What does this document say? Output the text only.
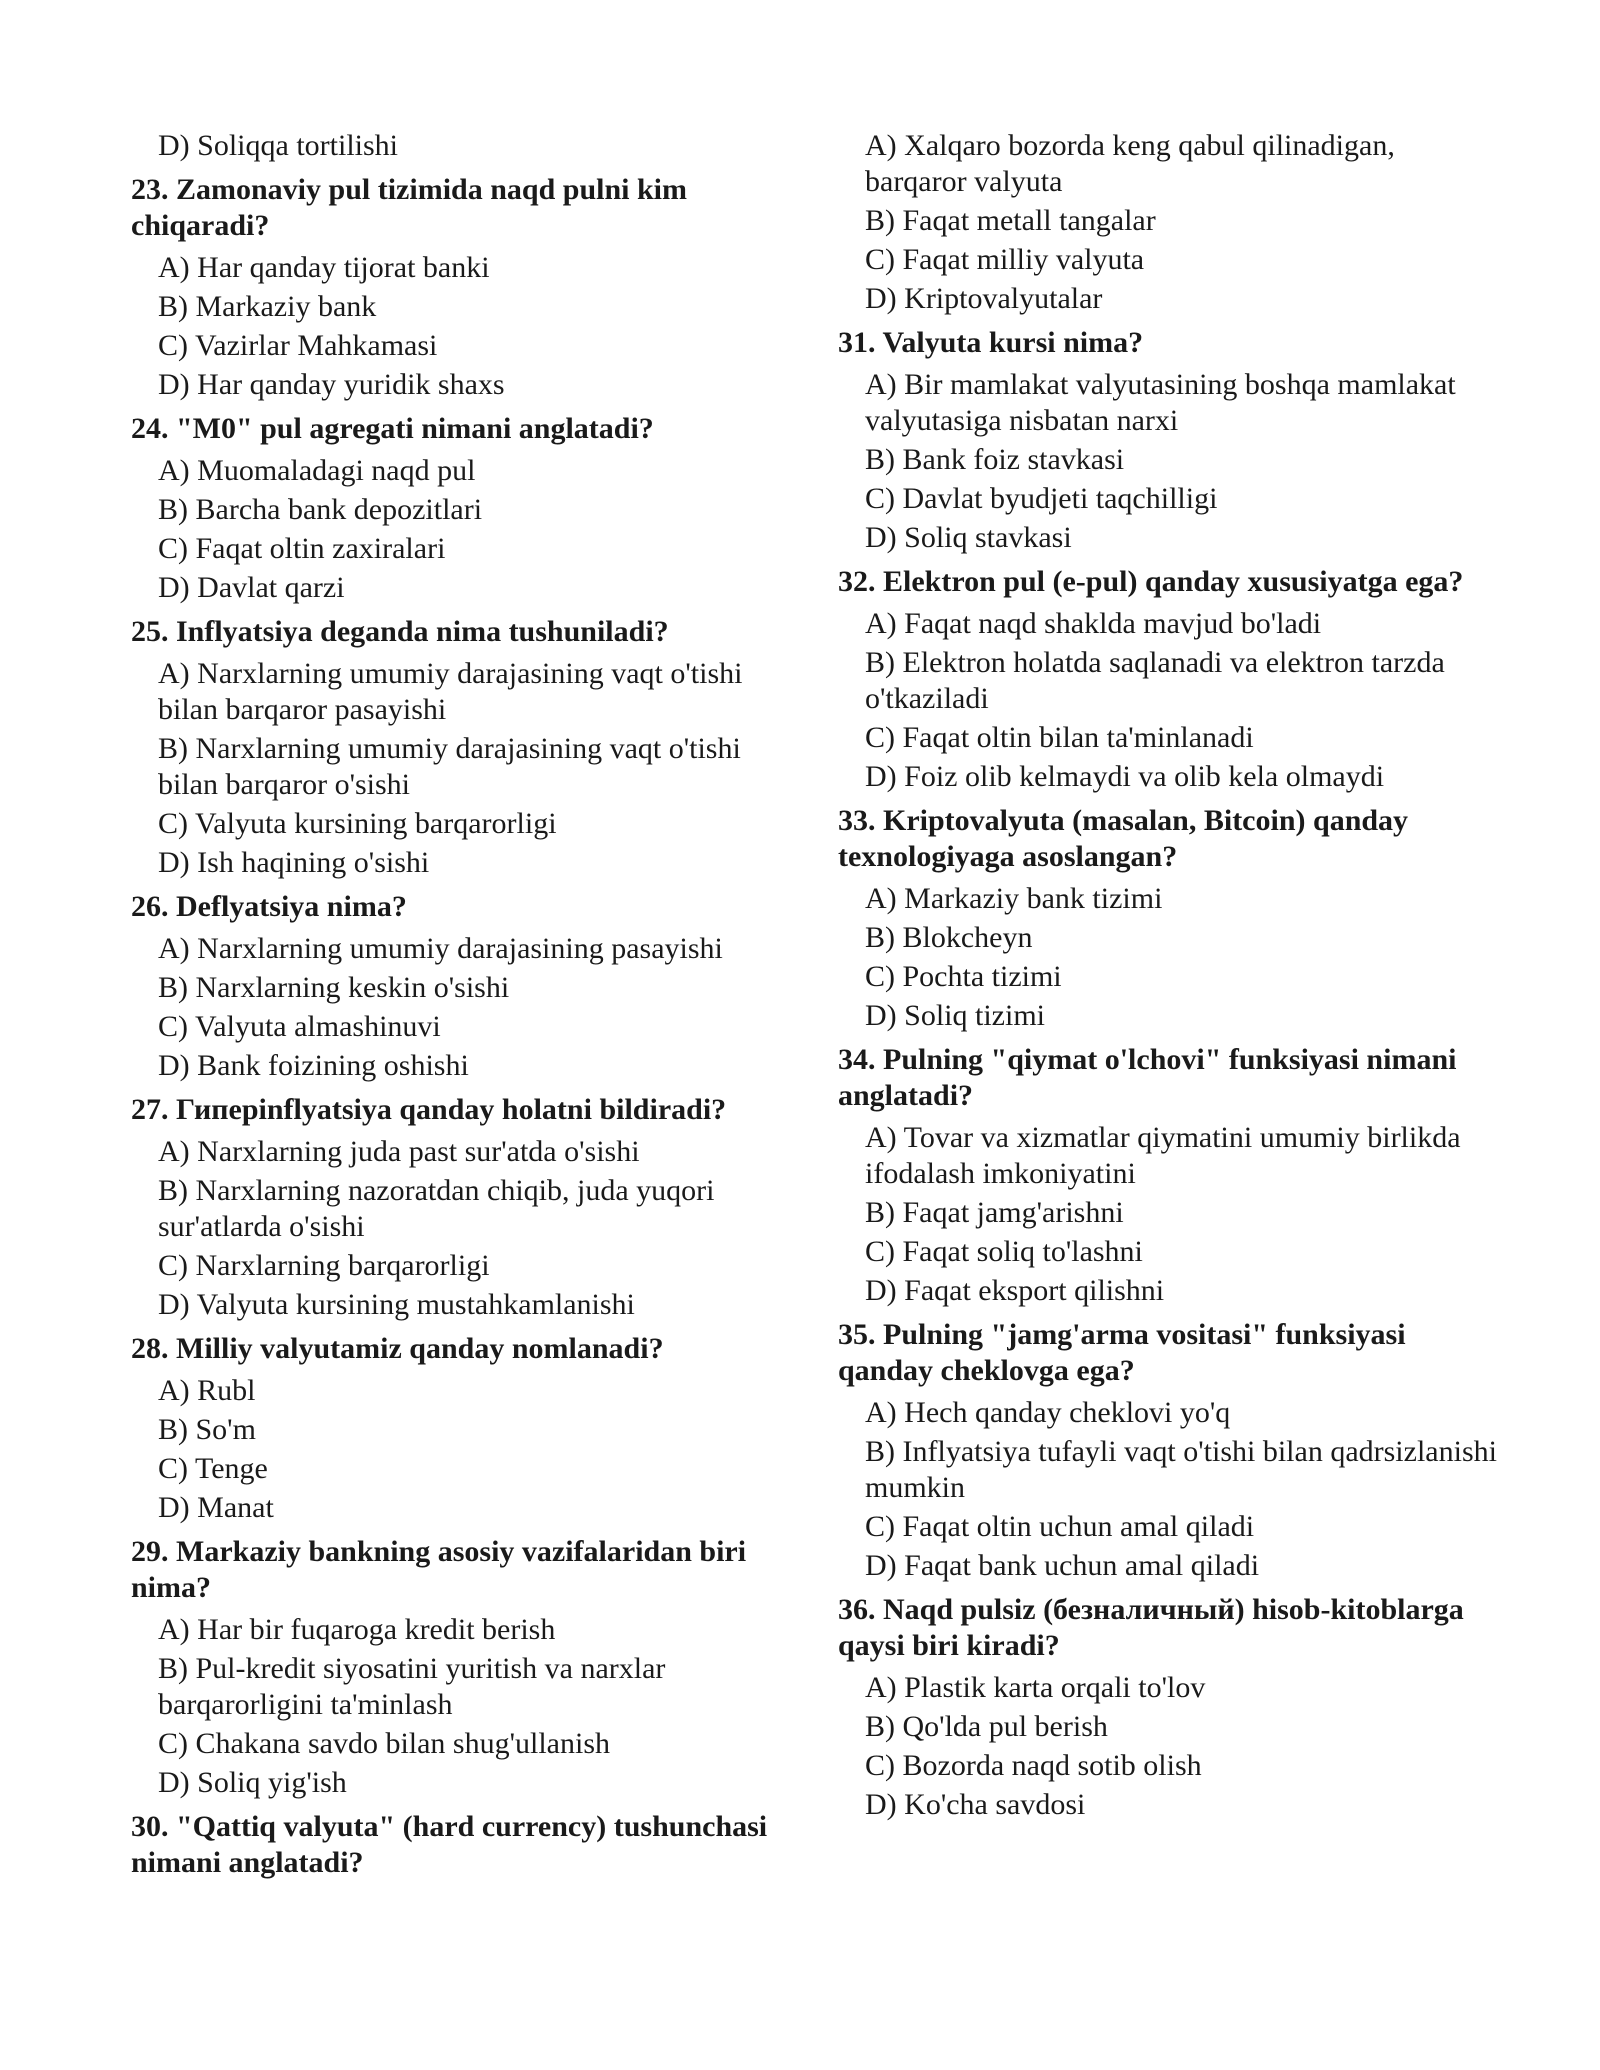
D) Soliqqa tortilishi
23. Zamonaviy pul tizimida naqd pulni kim chiqaradi?
A) Har qanday tijorat banki
B) Markaziy bank
C) Vazirlar Mahkamasi
D) Har qanday yuridik shaxs
24. "M0" pul agregati nimani anglatadi?
A) Muomaladagi naqd pul
B) Barcha bank depozitlari
C) Faqat oltin zaxiralari
D) Davlat qarzi
25. Inflyatsiya deganda nima tushuniladi?
A) Narxlarning umumiy darajasining vaqt o'tishi bilan barqaror pasayishi
B) Narxlarning umumiy darajasining vaqt o'tishi bilan barqaror o'sishi
C) Valyuta kursining barqarorligi
D) Ish haqining o'sishi
26. Deflyatsiya nima?
A) Narxlarning umumiy darajasining pasayishi
B) Narxlarning keskin o'sishi
C) Valyuta almashinuvi
D) Bank foizining oshishi
27. Гипepinflyatsiya qanday holatni bildiradi?
A) Narxlarning juda past sur'atda o'sishi
B) Narxlarning nazoratdan chiqib, juda yuqori sur'atlarda o'sishi
C) Narxlarning barqarorligi
D) Valyuta kursining mustahkamlanishi
28. Milliy valyutamiz qanday nomlanadi?
A) Rubl
B) So'm
C) Tenge
D) Manat
29. Markaziy bankning asosiy vazifalaridan biri nima?
A) Har bir fuqaroga kredit berish
B) Pul-kredit siyosatini yuritish va narxlar barqarorligini ta'minlash
C) Chakana savdo bilan shug'ullanish
D) Soliq yig'ish
30. "Qattiq valyuta" (hard currency) tushunchasi nimani anglatadi?
A) Xalqaro bozorda keng qabul qilinadigan, barqaror valyuta
B) Faqat metall tangalar
C) Faqat milliy valyuta
D) Kriptovalyutalar
31. Valyuta kursi nima?
A) Bir mamlakat valyutasining boshqa mamlakat valyutasiga nisbatan narxi
B) Bank foiz stavkasi
C) Davlat byudjeti taqchilligi
D) Soliq stavkasi
32. Elektron pul (e-pul) qanday xususiyatga ega?
A) Faqat naqd shaklda mavjud bo'ladi
B) Elektron holatda saqlanadi va elektron tarzda o'tkaziladi
C) Faqat oltin bilan ta'minlanadi
D) Foiz olib kelmaydi va olib kela olmaydi
33. Kriptovalyuta (masalan, Bitcoin) qanday texnologiyaga asoslangan?
A) Markaziy bank tizimi
B) Blokcheyn
C) Pochta tizimi
D) Soliq tizimi
34. Pulning "qiymat o'lchovi" funksiyasi nimani anglatadi?
A) Tovar va xizmatlar qiymatini umumiy birlikda ifodalash imkoniyatini
B) Faqat jamg'arishni
C) Faqat soliq to'lashni
D) Faqat eksport qilishni
35. Pulning "jamg'arma vositasi" funksiyasi qanday cheklovga ega?
A) Hech qanday cheklovi yo'q
B) Inflyatsiya tufayli vaqt o'tishi bilan qadrsizlanishi mumkin
C) Faqat oltin uchun amal qiladi
D) Faqat bank uchun amal qiladi
36. Naqd pulsiz (безналичный) hisob-kitoblarga qaysi biri kiradi?
A) Plastik karta orqali to'lov
B) Qo'lda pul berish
C) Bozorda naqd sotib olish
D) Ko'cha savdosi
